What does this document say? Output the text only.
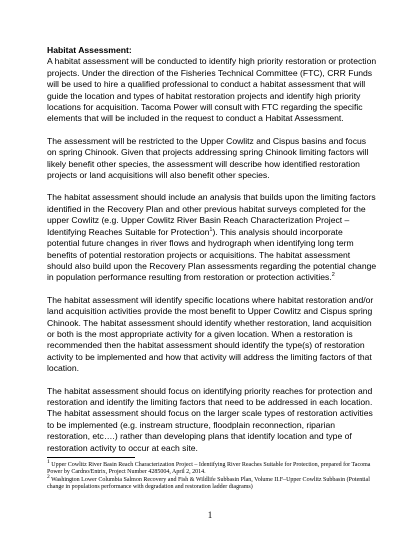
Habitat Assessment:

A habitat assessment will be conducted to identify high priority restoration or protection projects. Under the direction of the Fisheries Technical Committee (FTC), CRR Funds will be used to hire a qualified professional to conduct a habitat assessment that will guide the location and types of habitat restoration projects and identify high priority locations for acquisition. Tacoma Power will consult with FTC regarding the specific elements that will be included in the request to conduct a Habitat Assessment.

The assessment will be restricted to the Upper Cowlitz and Cispus basins and focus on spring Chinook. Given that projects addressing spring Chinook limiting factors will likely benefit other species, the assessment will describe how identified restoration projects or land acquisitions will also benefit other species.

The habitat assessment should include an analysis that builds upon the limiting factors identified in the Recovery Plan and other previous habitat surveys completed for the upper Cowlitz (e.g. Upper Cowlitz River Basin Reach Characterization Project – Identifying Reaches Suitable for Protection$^1$). This analysis should incorporate potential future changes in river flows and hydrograph when identifying long term benefits of potential restoration projects or acquisitions. The habitat assessment should also build upon the Recovery Plan assessments regarding the potential change in population performance resulting from restoration or protection activities.$^2$

The habitat assessment will identify specific locations where habitat restoration and/or land acquisition activities provide the most benefit to Upper Cowlitz and Cispus spring Chinook. The habitat assessment should identify whether restoration, land acquisition or both is the most appropriate activity for a given location. When a restoration is recommended then the habitat assessment should identify the type(s) of restoration activity to be implemented and how that activity will address the limiting factors of that location.

The habitat assessment should focus on identifying priority reaches for protection and restoration and identify the limiting factors that need to be addressed in each location. The habitat assessment should focus on the larger scale types of restoration activities to be implemented (e.g. instream structure, floodplain reconnection, riparian restoration, etc….) rather than developing plans that identify location and type of restoration activity to occur at each site.

$^1$ Upper Cowlitz River Basin Reach Characterization Project – Identifying River Reaches Suitable for Protection, prepared for Tacoma Power by Cardno/Entrix, Project Number 4285004, April 2, 2014.

$^2$ Washington Lower Columbia Salmon Recovery and Fish & Wildlife Subbasin Plan, Volume II.F–Upper Cowlitz Subbasin (Potential change in populations performance with degradation and restoration ladder diagrams)

1
